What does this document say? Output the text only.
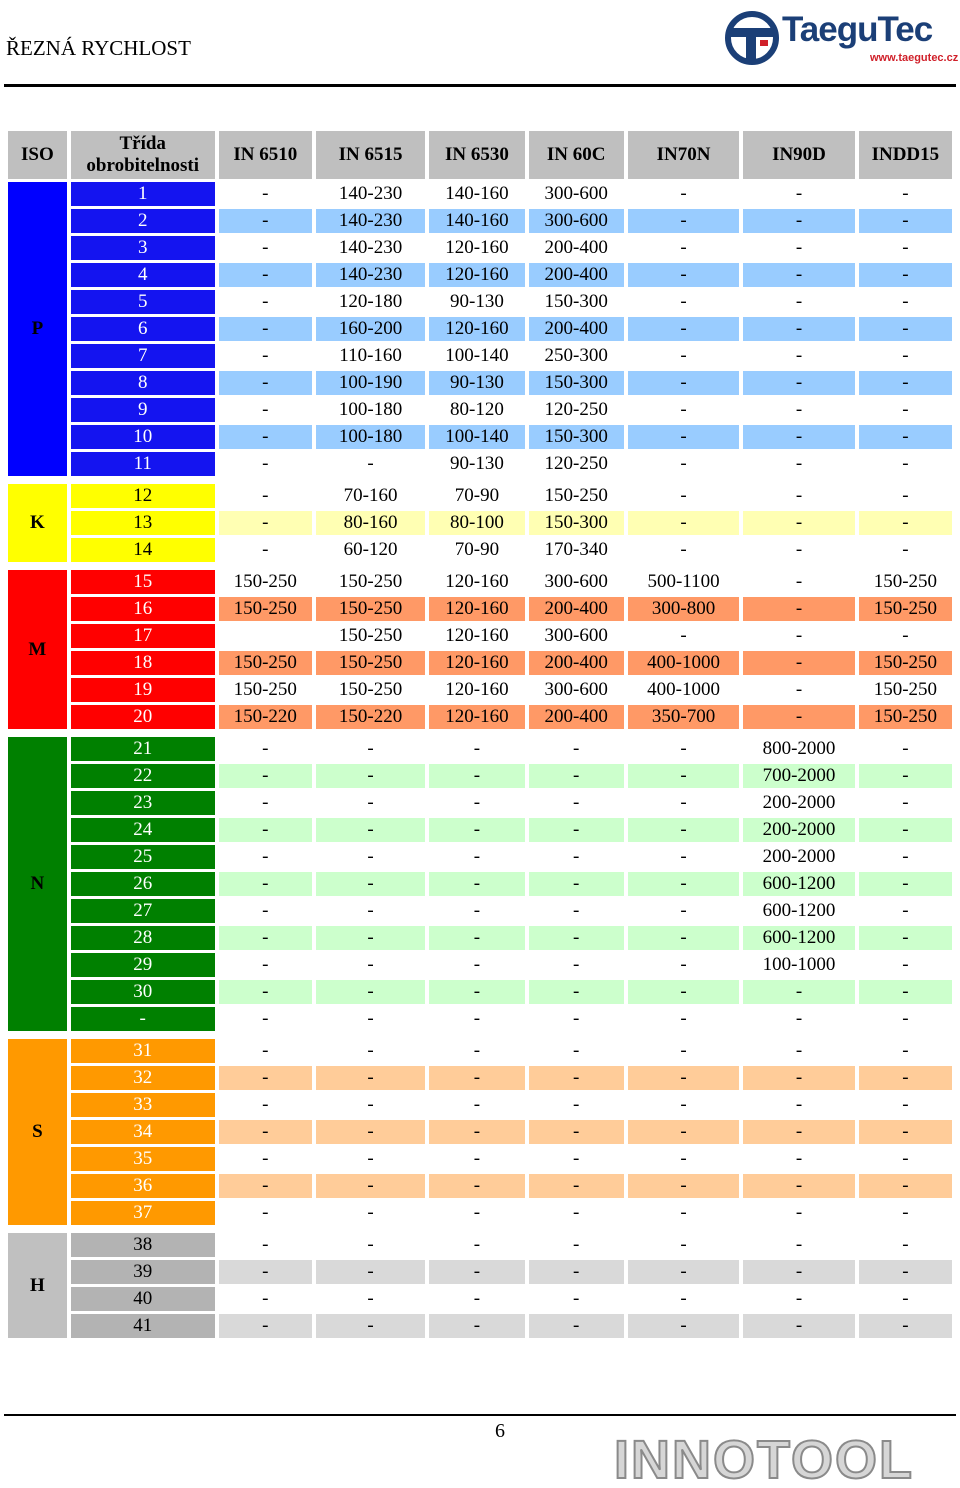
ŘEZNÁ RYCHLOST	TaeguTec
www.taegutec.cz
ISO	Třída obrobitelnosti	IN 6510	IN 6515	IN 6530	IN 60C	IN70N	IN90D	INDD15
P	1	-	140-230	140-160	300-600	-	-	-
	2	-	140-230	140-160	300-600	-	-	-
	3	-	140-230	120-160	200-400	-	-	-
	4	-	140-230	120-160	200-400	-	-	-
	5	-	120-180	90-130	150-300	-	-	-
	6	-	160-200	120-160	200-400	-	-	-
	7	-	110-160	100-140	250-300	-	-	-
	8	-	100-190	90-130	150-300	-	-	-
	9	-	100-180	80-120	120-250	-	-	-
	10	-	100-180	100-140	150-300	-	-	-
	11	-	-	90-130	120-250	-	-	-

K	12	-	70-160	70-90	150-250	-	-	-
	13	-	80-160	80-100	150-300	-	-	-
	14	-	60-120	70-90	170-340	-	-	-

M	15	150-250	150-250	120-160	300-600	500-1100	-	150-250
	16	150-250	150-250	120-160	200-400	300-800	-	150-250
	17		150-250	120-160	300-600	-	-	-
	18	150-250	150-250	120-160	200-400	400-1000	-	150-250
	19	150-250	150-250	120-160	300-600	400-1000	-	150-250
	20	150-220	150-220	120-160	200-400	350-700	-	150-250

N	21	-	-	-	-	-	800-2000	-
	22	-	-	-	-	-	700-2000	-
	23	-	-	-	-	-	200-2000	-
	24	-	-	-	-	-	200-2000	-
	25	-	-	-	-	-	200-2000	-
	26	-	-	-	-	-	600-1200	-
	27	-	-	-	-	-	600-1200	-
	28	-	-	-	-	-	600-1200	-
	29	-	-	-	-	-	100-1000	-
	30	-	-	-	-	-	-	-
	-	-	-	-	-	-	-	-

S	31	-	-	-	-	-	-	-
	32	-	-	-	-	-	-	-
	33	-	-	-	-	-	-	-
	34	-	-	-	-	-	-	-
	35	-	-	-	-	-	-	-
	36	-	-	-	-	-	-	-
	37	-	-	-	-	-	-	-

H	38	-	-	-	-	-	-	-
	39	-	-	-	-	-	-	-
	40	-	-	-	-	-	-	-
	41	-	-	-	-	-	-	-
6 INNOTOOL
